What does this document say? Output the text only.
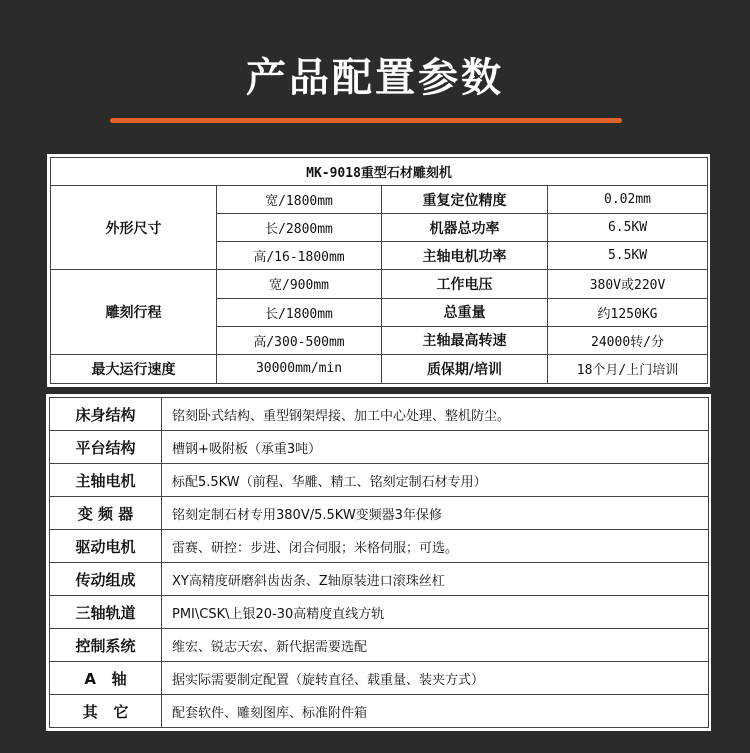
产品配置参数
MK-9018重型石材雕刻机			
外形尺寸	宽/1800mm	重复定位精度	0.02mm
	长/2800mm	机器总功率	6.5KW
	高/16-1800mm	主轴电机功率	5.5KW
雕刻行程	宽/900mm	工作电压	380V或220V
	长/1800mm	总重量	约1250KG
	高/300-500mm	主轴最高转速	24000转/分
最大运行速度	30000mm/min	质保期/培训	18个月/上门培训
床身结构	铭刻卧式结构、重型钢架焊接、加工中心处理、整机防尘。
平台结构	槽钢+吸附板（承重3吨）
主轴电机	标配5.5KW（前程、华雕、精工、铭刻定制石材专用）
变 频 器	铭刻定制石材专用380V/5.5KW变频器3年保修
驱动电机	雷赛、研控：步进、闭合伺服；米格伺服；可选。
传动组成	XY高精度研磨斜齿齿条、Z轴原装进口滚珠丝杠
三轴轨道	PMI\CSK\上银20-30高精度直线方轨
控制系统	维宏、锐志天宏、新代据需要选配
A   轴	据实际需要制定配置（旋转直径、载重量、装夹方式）
其   它	配套软件、雕刻图库、标准附件箱
